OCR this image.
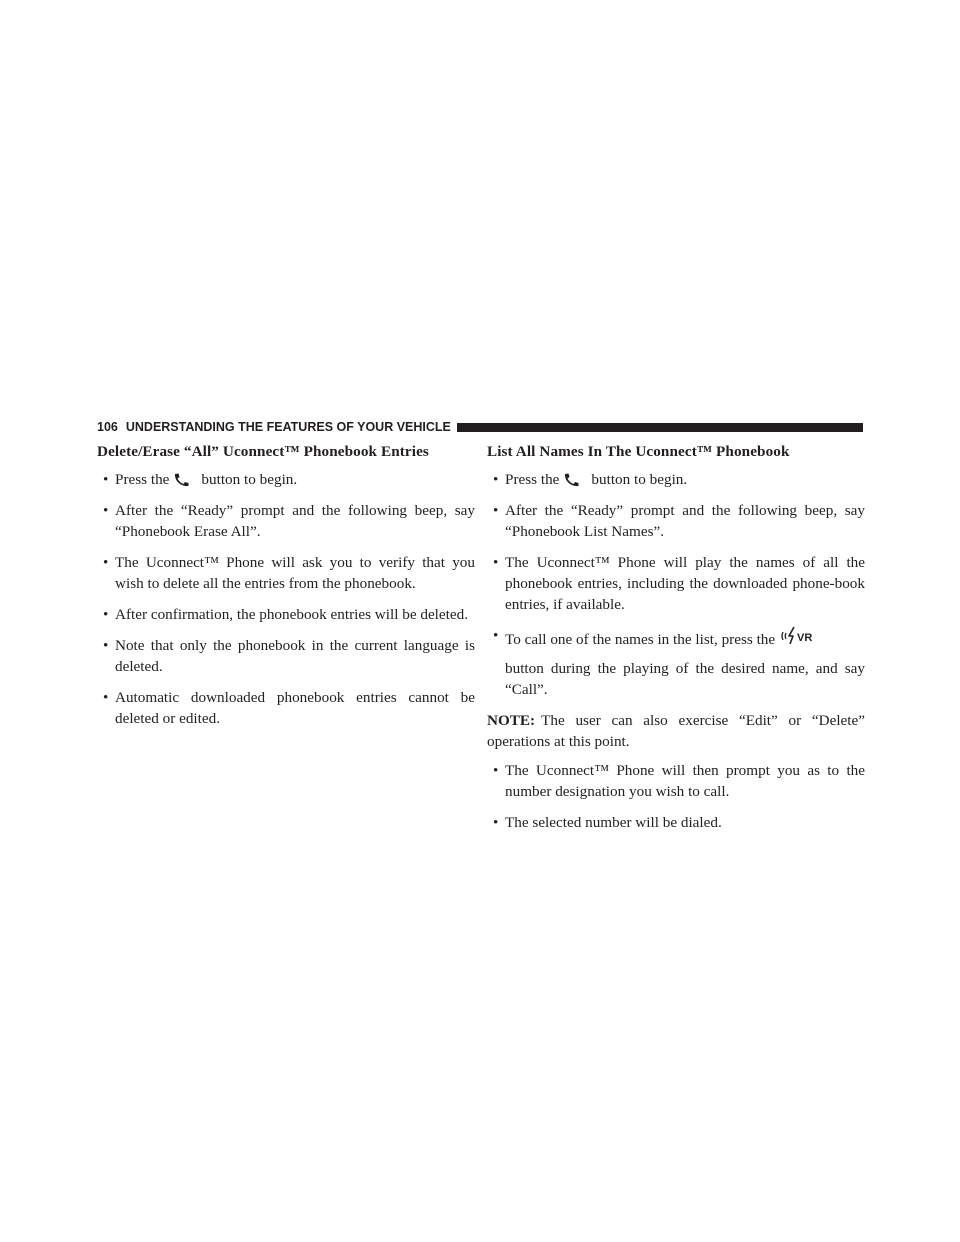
106 UNDERSTANDING THE FEATURES OF YOUR VEHICLE
Delete/Erase “All” Uconnect™ Phonebook Entries
• Press the button to begin.
• After the “Ready” prompt and the following beep, say “Phonebook Erase All”.
• The Uconnect™ Phone will ask you to verify that you wish to delete all the entries from the phonebook.
• After confirmation, the phonebook entries will be deleted.
• Note that only the phonebook in the current language is deleted.
• Automatic downloaded phonebook entries cannot be deleted or edited.
List All Names In The Uconnect™ Phonebook
• Press the button to begin.
• After the “Ready” prompt and the following beep, say “Phonebook List Names”.
• The Uconnect™ Phone will play the names of all the phonebook entries, including the downloaded phone-book entries, if available.
• To call one of the names in the list, press the VR
button during the playing of the desired name, and say “Call”.

NOTE: The user can also exercise “Edit” or “Delete” operations at this point.

• The Uconnect™ Phone will then prompt you as to the number designation you wish to call.
• The selected number will be dialed.
